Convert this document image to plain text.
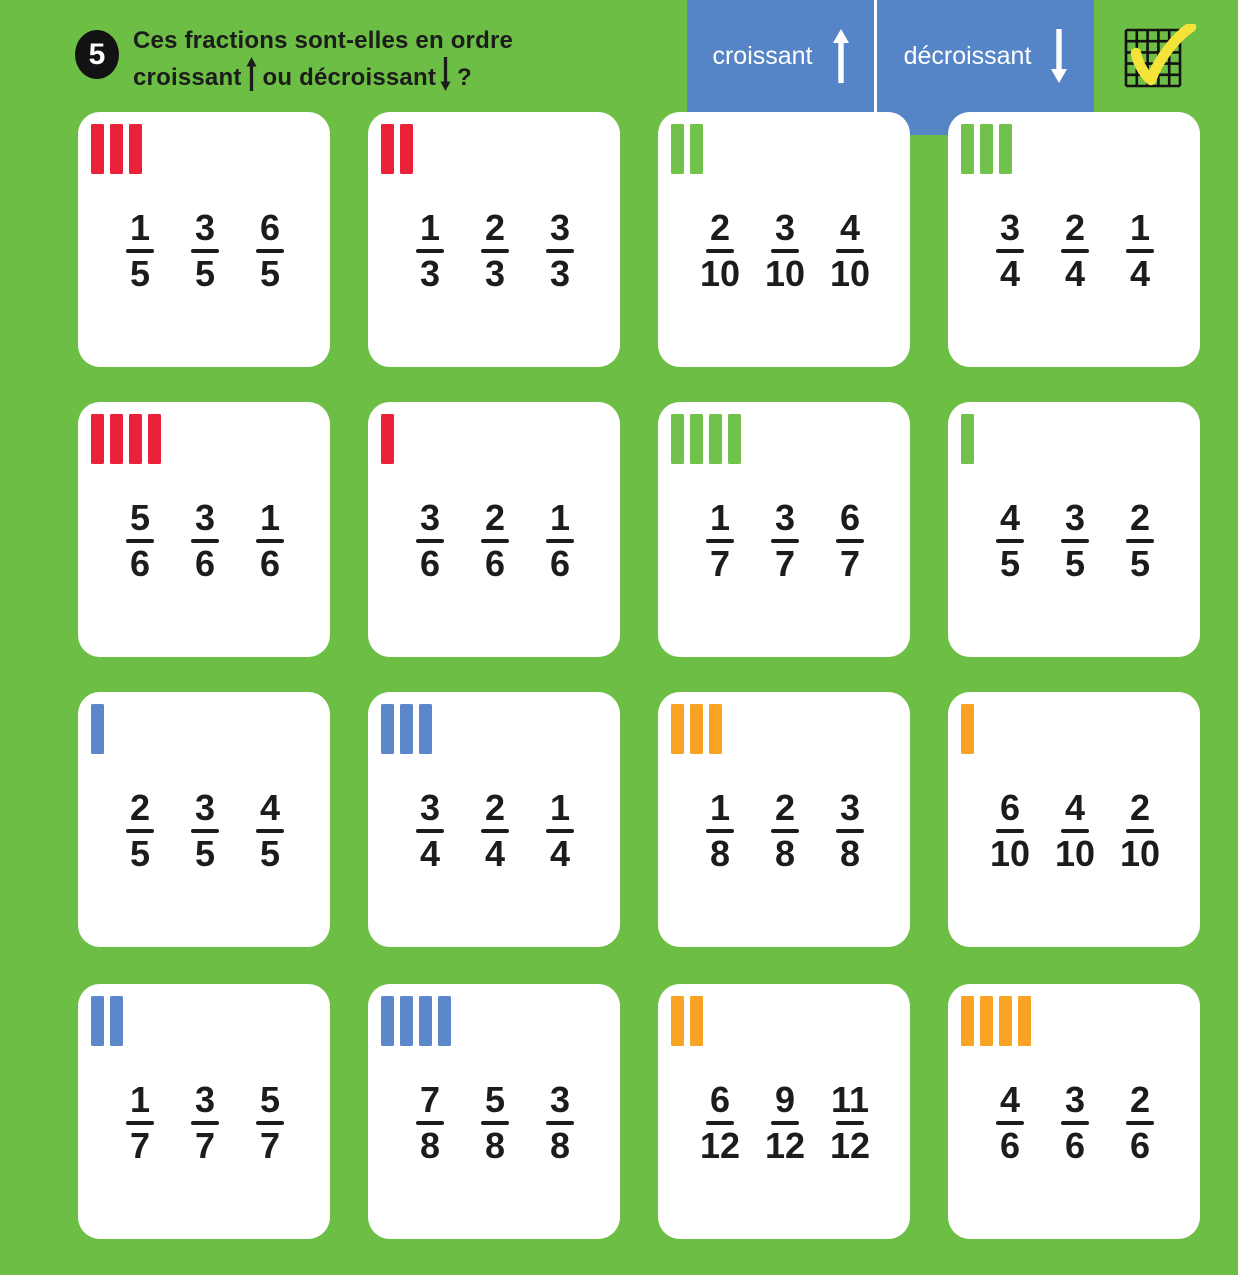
5 Ces fractions sont-elles en ordre
croissant ou décroissant ?
croissant	décroissant
$\frac{1}{5} \frac{3}{5} \frac{6}{5}$	$\frac{1}{3} \frac{2}{3} \frac{3}{3}$	$\frac{2}{10} \frac{3}{10} \frac{4}{10}$	$\frac{3}{4} \frac{2}{4} \frac{1}{4}$
$\frac{5}{6} \frac{3}{6} \frac{1}{6}$	$\frac{3}{6} \frac{2}{6} \frac{1}{6}$	$\frac{1}{7} \frac{3}{7} \frac{6}{7}$	$\frac{4}{5} \frac{3}{5} \frac{2}{5}$
$\frac{2}{5} \frac{3}{5} \frac{4}{5}$	$\frac{3}{4} \frac{2}{4} \frac{1}{4}$	$\frac{1}{8} \frac{2}{8} \frac{3}{8}$	$\frac{6}{10} \frac{4}{10} \frac{2}{10}$
$\frac{1}{7} \frac{3}{7} \frac{5}{7}$	$\frac{7}{8} \frac{5}{8} \frac{3}{8}$	$\frac{6}{12} \frac{9}{12} \frac{11}{12}$	$\frac{4}{6} \frac{3}{6} \frac{2}{6}$
